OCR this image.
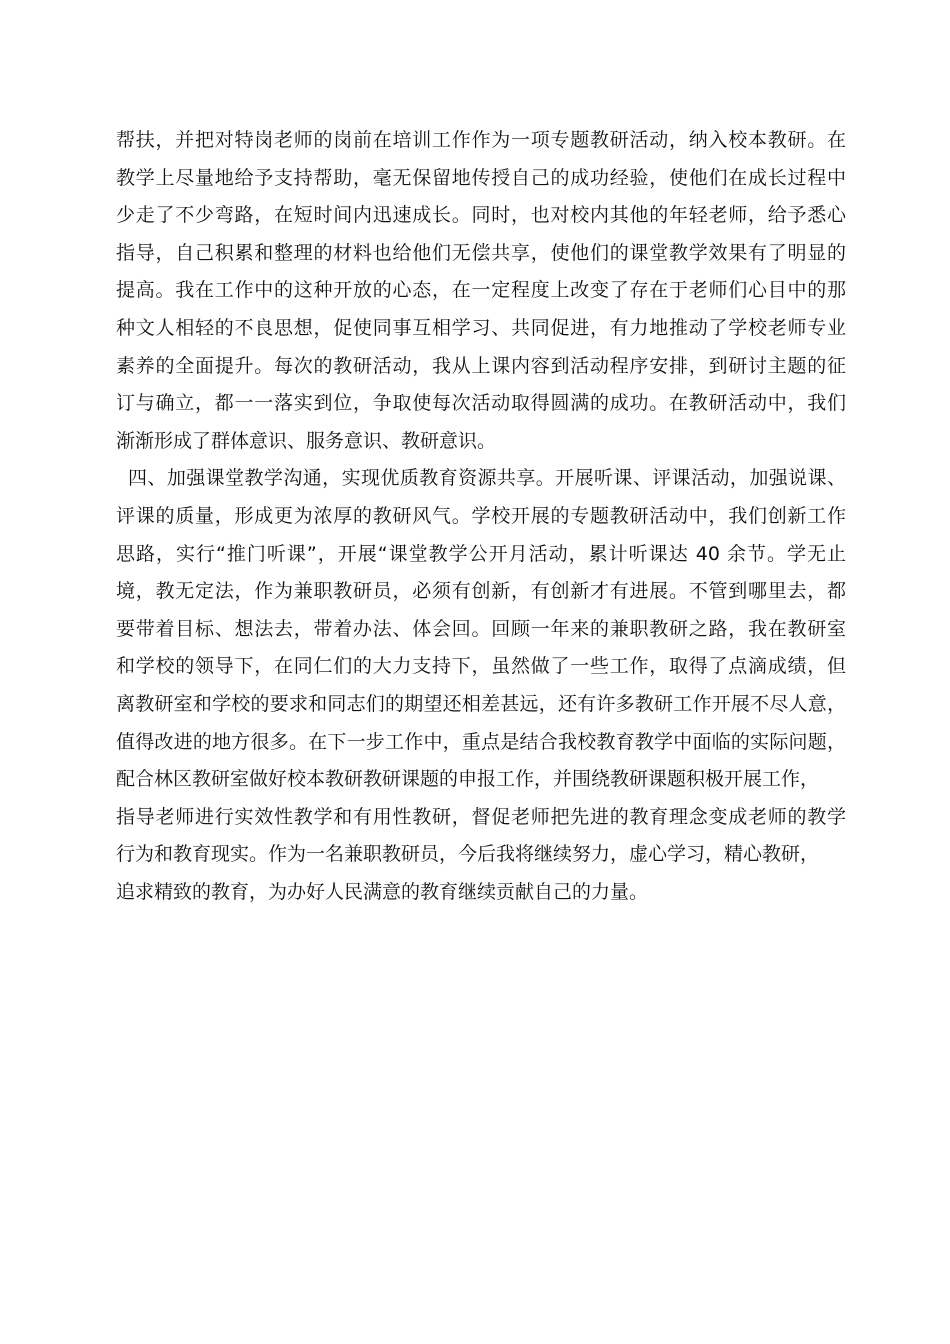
帮扶，并把对特岗老师的岗前在培训工作作为一项专题教研活动，纳入校本教研。在
教学上尽量地给予支持帮助，毫无保留地传授自己的成功经验，使他们在成长过程中
少走了不少弯路，在短时间内迅速成长。同时，也对校内其他的年轻老师，给予悉心
指导，自己积累和整理的材料也给他们无偿共享，使他们的课堂教学效果有了明显的
提高。我在工作中的这种开放的心态，在一定程度上改变了存在于老师们心目中的那
种文人相轻的不良思想，促使同事互相学习、共同促进，有力地推动了学校老师专业
素养的全面提升。每次的教研活动，我从上课内容到活动程序安排，到研讨主题的征
订与确立，都一一落实到位，争取使每次活动取得圆满的成功。在教研活动中，我们
渐渐形成了群体意识、服务意识、教研意识。
四、加强课堂教学沟通，实现优质教育资源共享。开展听课、评课活动，加强说课、
评课的质量，形成更为浓厚的教研风气。学校开展的专题教研活动中，我们创新工作
思路，实行“推门听课”，开展“课堂教学公开月活动，累计听课达 40 余节。学无止
境，教无定法，作为兼职教研员，必须有创新，有创新才有进展。不管到哪里去，都
要带着目标、想法去，带着办法、体会回。回顾一年来的兼职教研之路，我在教研室
和学校的领导下，在同仁们的大力支持下，虽然做了一些工作，取得了点滴成绩，但
离教研室和学校的要求和同志们的期望还相差甚远，还有许多教研工作开展不尽人意，
值得改进的地方很多。在下一步工作中，重点是结合我校教育教学中面临的实际问题，
配合林区教研室做好校本教研教研课题的申报工作，并围绕教研课题积极开展工作，
指导老师进行实效性教学和有用性教研，督促老师把先进的教育理念变成老师的教学
行为和教育现实。作为一名兼职教研员，今后我将继续努力，虚心学习，精心教研，
追求精致的教育，为办好人民满意的教育继续贡献自己的力量。
